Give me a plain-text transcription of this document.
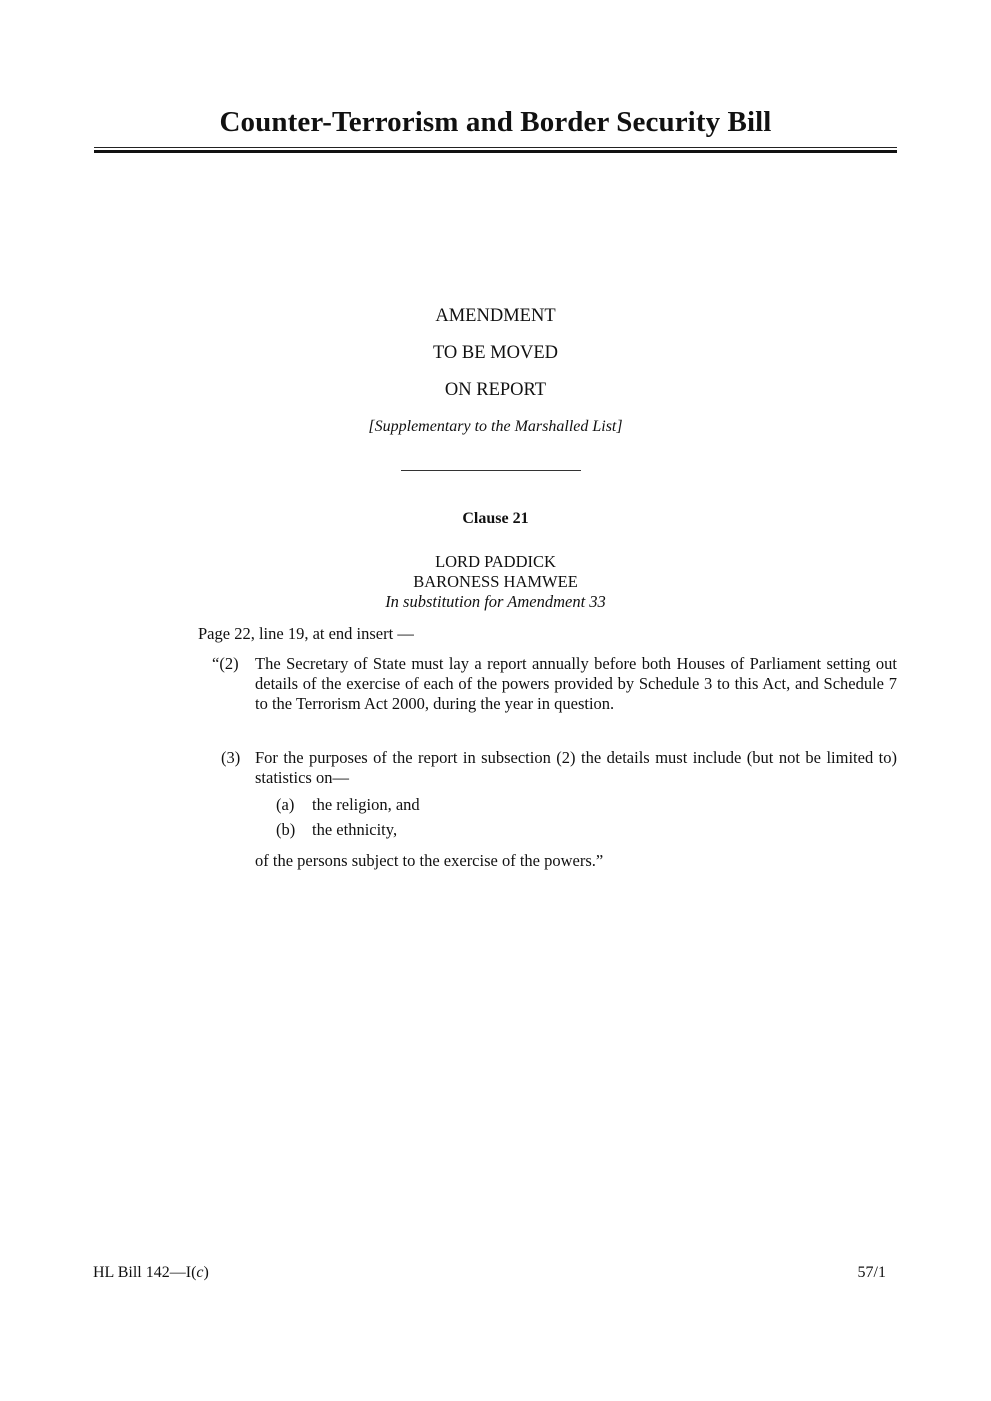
Counter-Terrorism and Border Security Bill
AMENDMENT
TO BE MOVED
ON REPORT
[Supplementary to the Marshalled List]
Clause 21
LORD PADDICK
BARONESS HAMWEE
In substitution for Amendment 33
Page 22, line 19, at end insert —
“(2) The Secretary of State must lay a report annually before both Houses of Parliament setting out details of the exercise of each of the powers provided by Schedule 3 to this Act, and Schedule 7 to the Terrorism Act 2000, during the year in question.
(3) For the purposes of the report in subsection (2) the details must include (but not be limited to) statistics on—
(a) the religion, and
(b) the ethnicity,
of the persons subject to the exercise of the powers.”
HL Bill 142—I(c)	57/1
